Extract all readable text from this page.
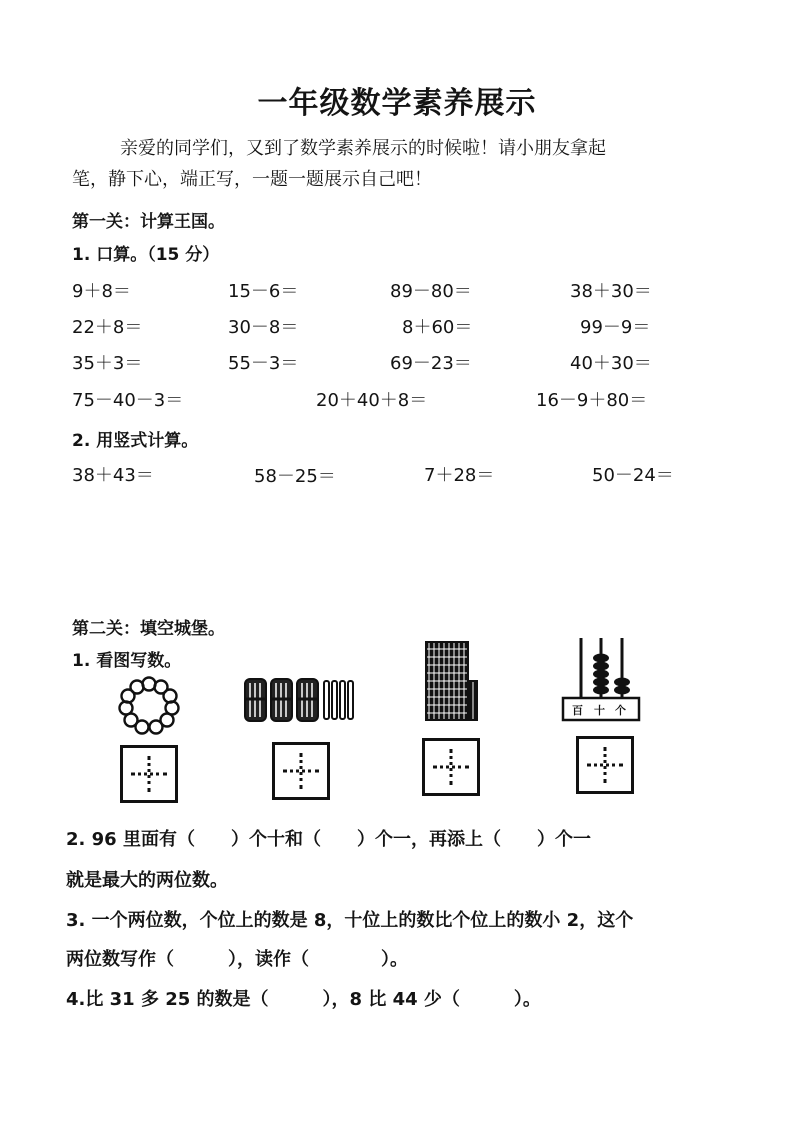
一年级数学素养展示
亲爱的同学们，又到了数学素养展示的时候啦！请小朋友拿起
笔，静下心，端正写，一题一题展示自己吧！
第一关：计算王国。
1. 口算。（15 分）
9＋8＝	15－6＝	89－80＝	38＋30＝
22＋8＝	30－8＝	8＋60＝	99－9＝
35＋3＝	55－3＝	69－23＝	40＋30＝
75－40－3＝	20＋40＋8＝	16－9＋80＝
2. 用竖式计算。
38＋43＝	58－25＝	7＋28＝	50－24＝
第二关：填空城堡。
1. 看图写数。
百 十 个
2. 96 里面有（　　）个十和（　　）个一，再添上（　　）个一
就是最大的两位数。
3. 一个两位数，个位上的数是 8，十位上的数比个位上的数小 2，这个
两位数写作（　　　），读作（　　　　）。
4.比 31 多 25 的数是（　　　），8 比 44 少（　　　）。
